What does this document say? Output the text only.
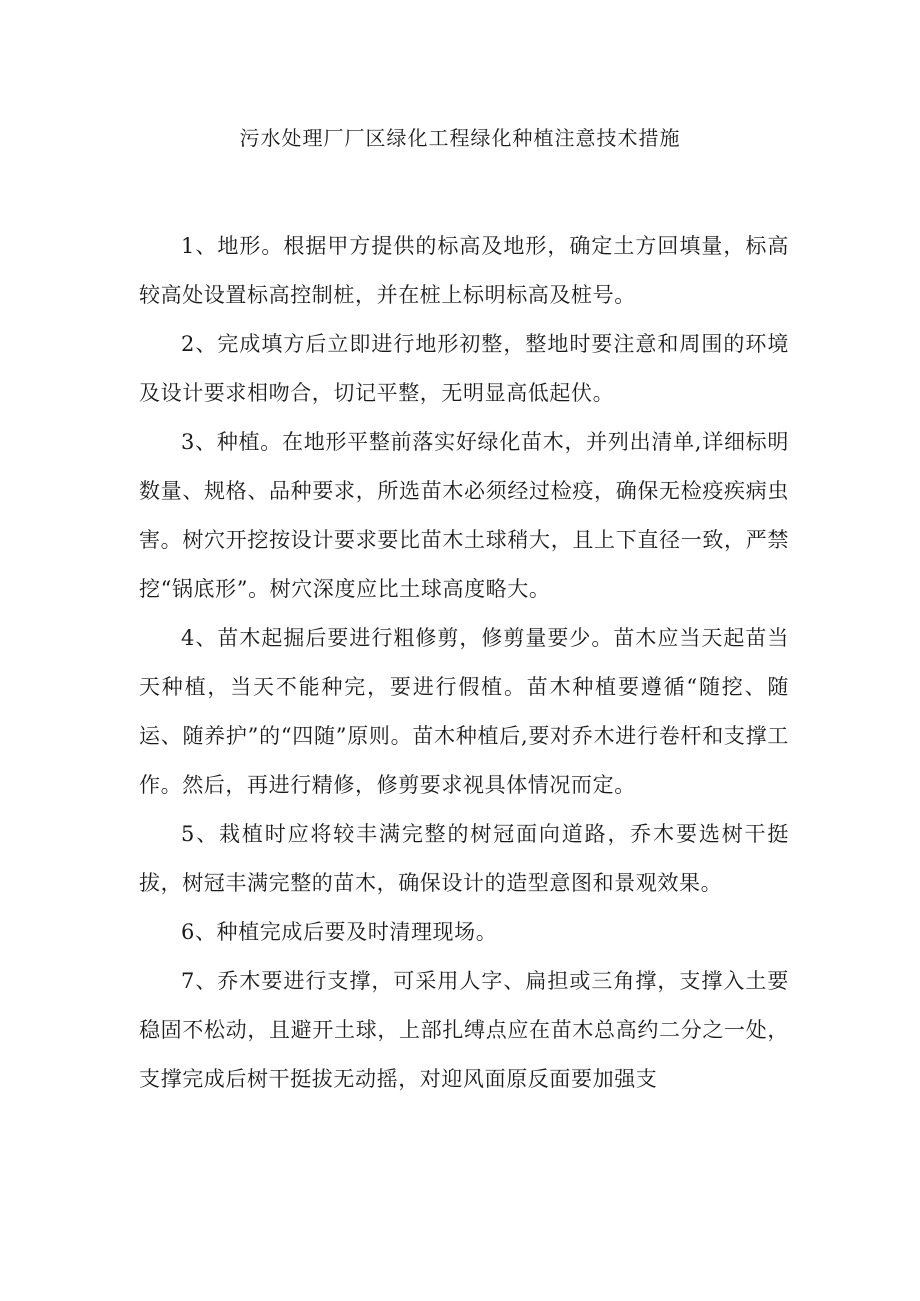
污水处理厂厂区绿化工程绿化种植注意技术措施

1、地形。根据甲方提供的标高及地形，确定土方回填量，标高较高处设置标高控制桩，并在桩上标明标高及桩号。

2、完成填方后立即进行地形初整，整地时要注意和周围的环境及设计要求相吻合，切记平整，无明显高低起伏。

3、种植。在地形平整前落实好绿化苗木，并列出清单,详细标明数量、规格、品种要求，所选苗木必须经过检疫，确保无检疫疾病虫害。树穴开挖按设计要求要比苗木土球稍大，且上下直径一致，严禁挖“锅底形”。树穴深度应比土球高度略大。

4、苗木起掘后要进行粗修剪，修剪量要少。苗木应当天起苗当天种植，当天不能种完，要进行假植。苗木种植要遵循“随挖、随运、随养护”的“四随”原则。苗木种植后,要对乔木进行卷杆和支撑工作。然后，再进行精修，修剪要求视具体情况而定。

5、栽植时应将较丰满完整的树冠面向道路，乔木要选树干挺拔，树冠丰满完整的苗木，确保设计的造型意图和景观效果。

6、种植完成后要及时清理现场。

7、乔木要进行支撑，可采用人字、扁担或三角撑，支撑入土要稳固不松动，且避开土球，上部扎缚点应在苗木总高约二分之一处，支撑完成后树干挺拔无动摇，对迎风面原反面要加强支
